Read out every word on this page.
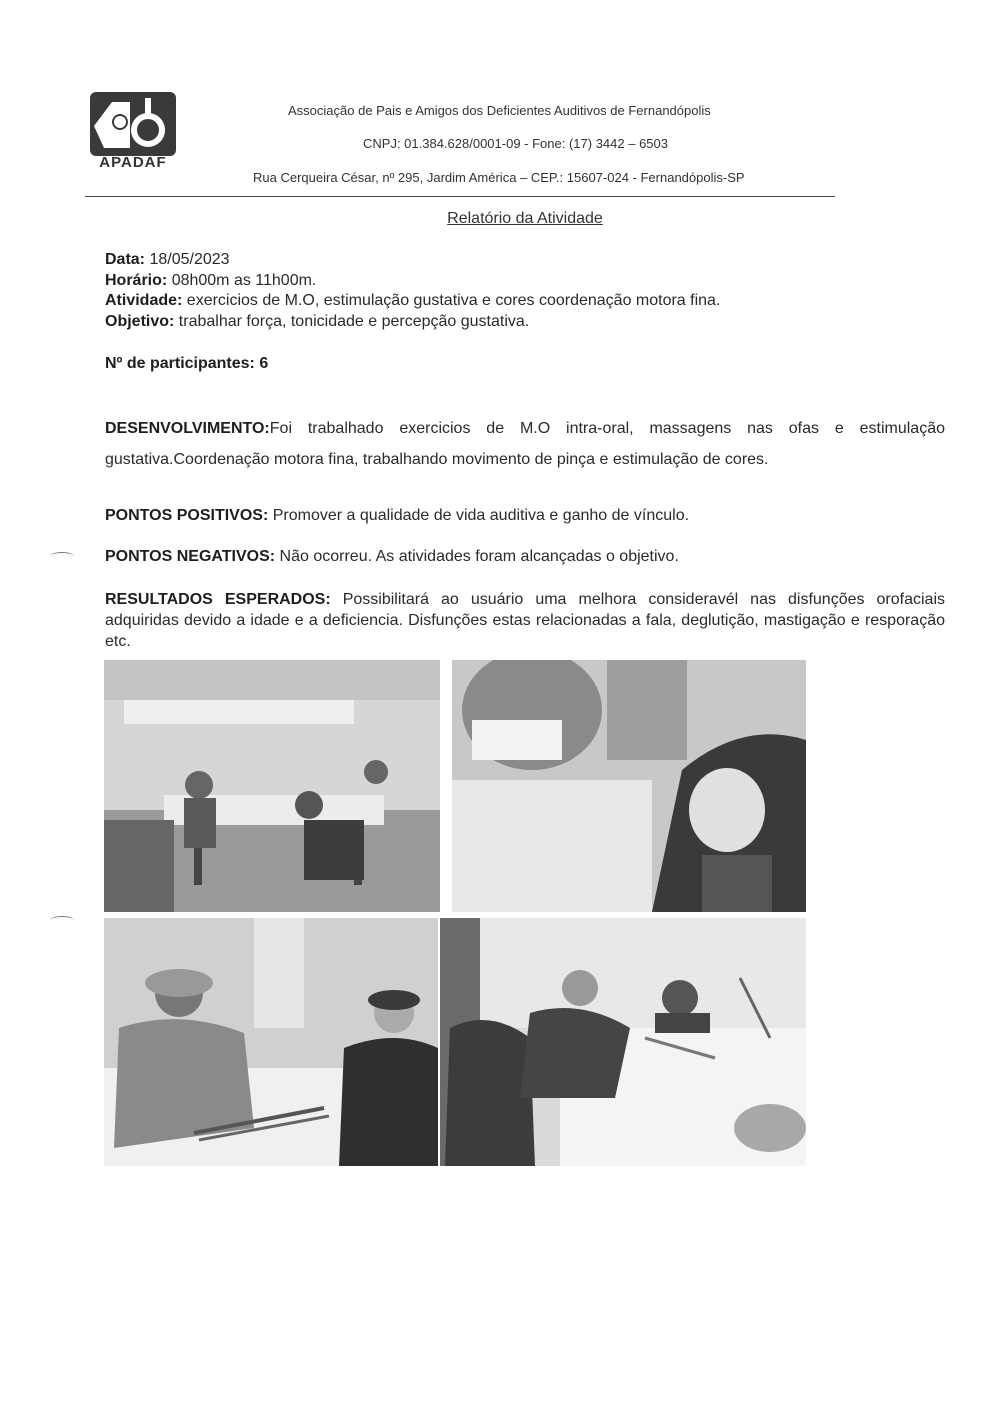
APADAF
Associação de Pais e Amigos dos Deficientes Auditivos de Fernandópolis
CNPJ: 01.384.628/0001-09 - Fone: (17) 3442 – 6503
Rua Cerqueira César, nº 295, Jardim América – CEP.: 15607-024 - Fernandópolis-SP
Relatório da Atividade
Data: 18/05/2023
Horário: 08h00m as 11h00m.
Atividade: exercicios de M.O, estimulação gustativa e cores coordenação motora fina.
Objetivo: trabalhar força, tonicidade e percepção gustativa.
Nº de participantes: 6
DESENVOLVIMENTO:Foi trabalhado exercicios de M.O intra-oral, massagens nas ofas e estimulação gustativa.Coordenação motora fina, trabalhando movimento de pinça e estimulação de cores.
PONTOS POSITIVOS: Promover a qualidade de vida auditiva e ganho de vínculo.
PONTOS NEGATIVOS: Não ocorreu. As atividades foram alcançadas o objetivo.
RESULTADOS ESPERADOS: Possibilitará ao usuário uma melhora consideravél nas disfunções orofaciais adquiridas devido a idade e a deficiencia. Disfunções estas relacionadas a fala, deglutição, mastigação e resporação etc.
